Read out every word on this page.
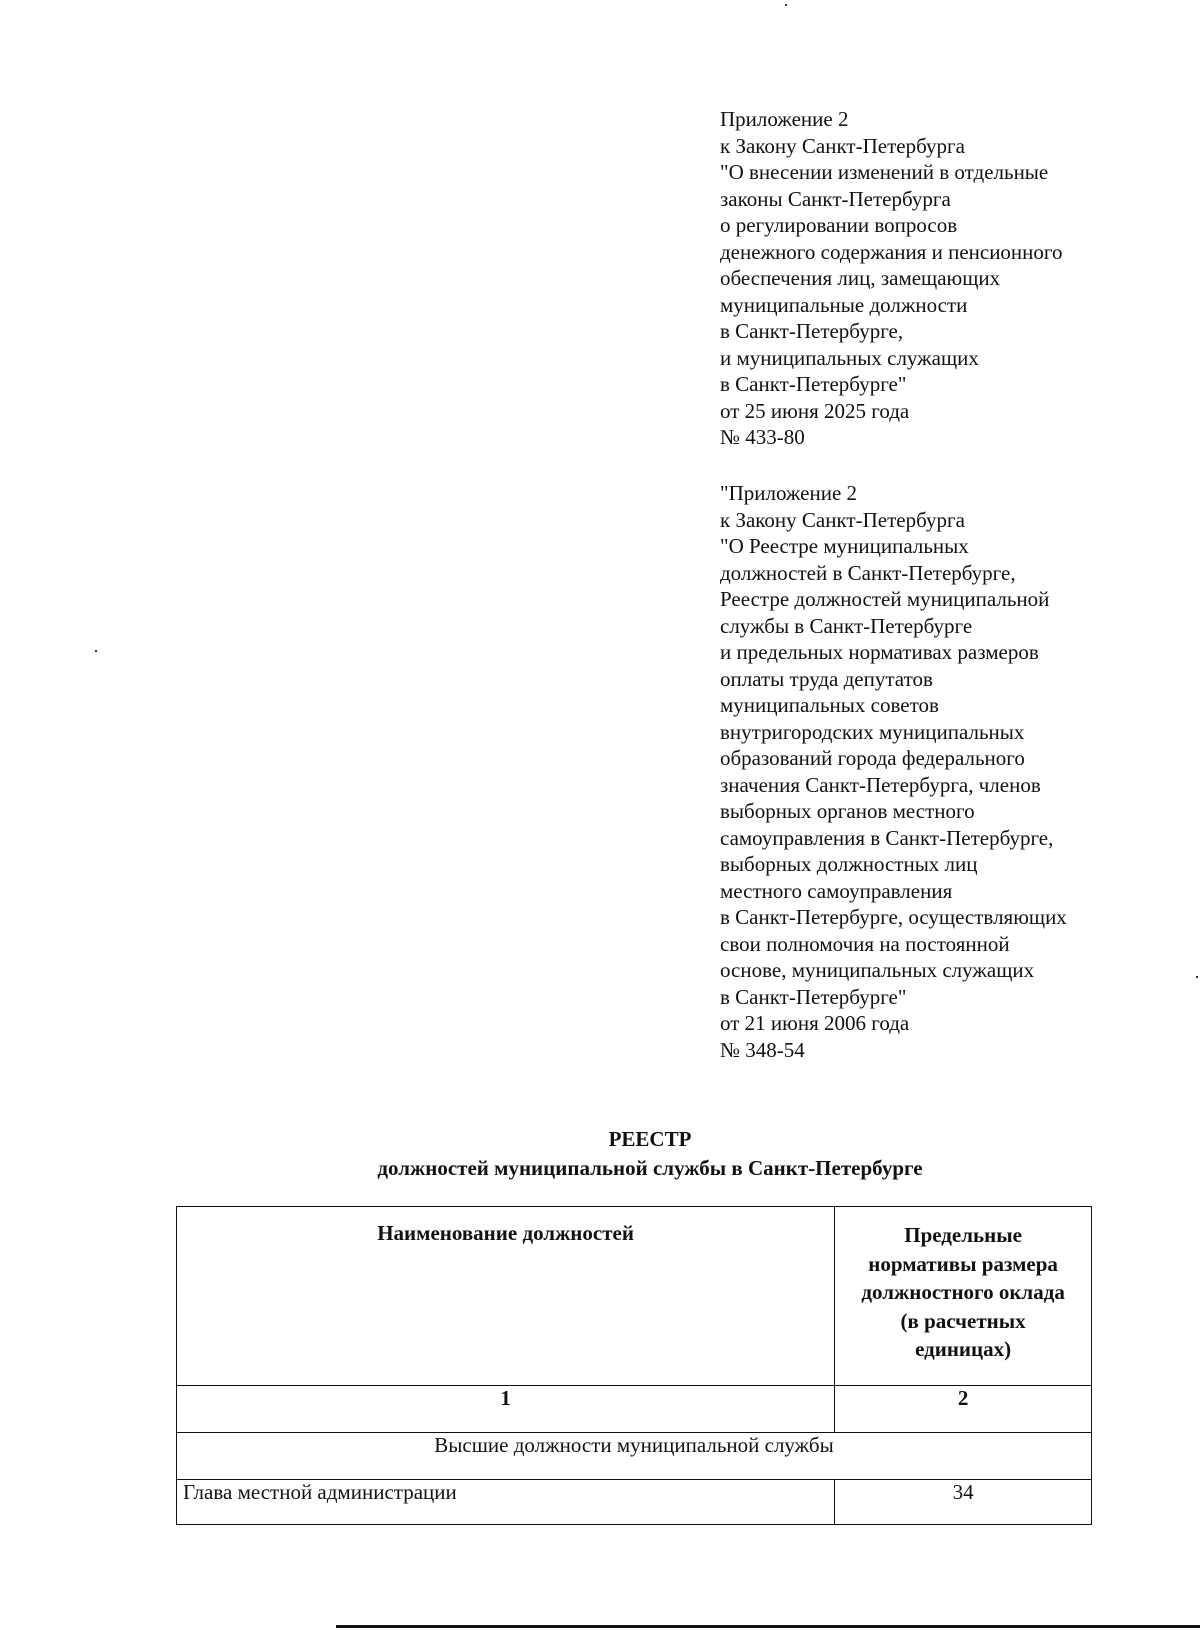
Приложение 2
к Закону Санкт-Петербурга
"О внесении изменений в отдельные
законы Санкт-Петербурга
о регулировании вопросов
денежного содержания и пенсионного
обеспечения лиц, замещающих
муниципальные должности
в Санкт-Петербурге,
и муниципальных служащих
в Санкт-Петербурге"
от 25 июня 2025 года
№ 433-80
"Приложение 2
к Закону Санкт-Петербурга
"О Реестре муниципальных
должностей в Санкт-Петербурге,
Реестре должностей муниципальной
службы в Санкт-Петербурге
и предельных нормативах размеров
оплаты труда депутатов
муниципальных советов
внутригородских муниципальных
образований города федерального
значения Санкт-Петербурга, членов
выборных органов местного
самоуправления в Санкт-Петербурге,
выборных должностных лиц
местного самоуправления
в Санкт-Петербурге, осуществляющих
свои полномочия на постоянной
основе, муниципальных служащих
в Санкт-Петербурге"
от 21 июня 2006 года
№ 348-54
РЕЕСТР
должностей муниципальной службы в Санкт-Петербурге
Наименование должностей	Предельные
нормативы размера
должностного оклада
(в расчетных
единицах)
1	2
Высшие должности муниципальной службы	
Глава местной администрации	34
